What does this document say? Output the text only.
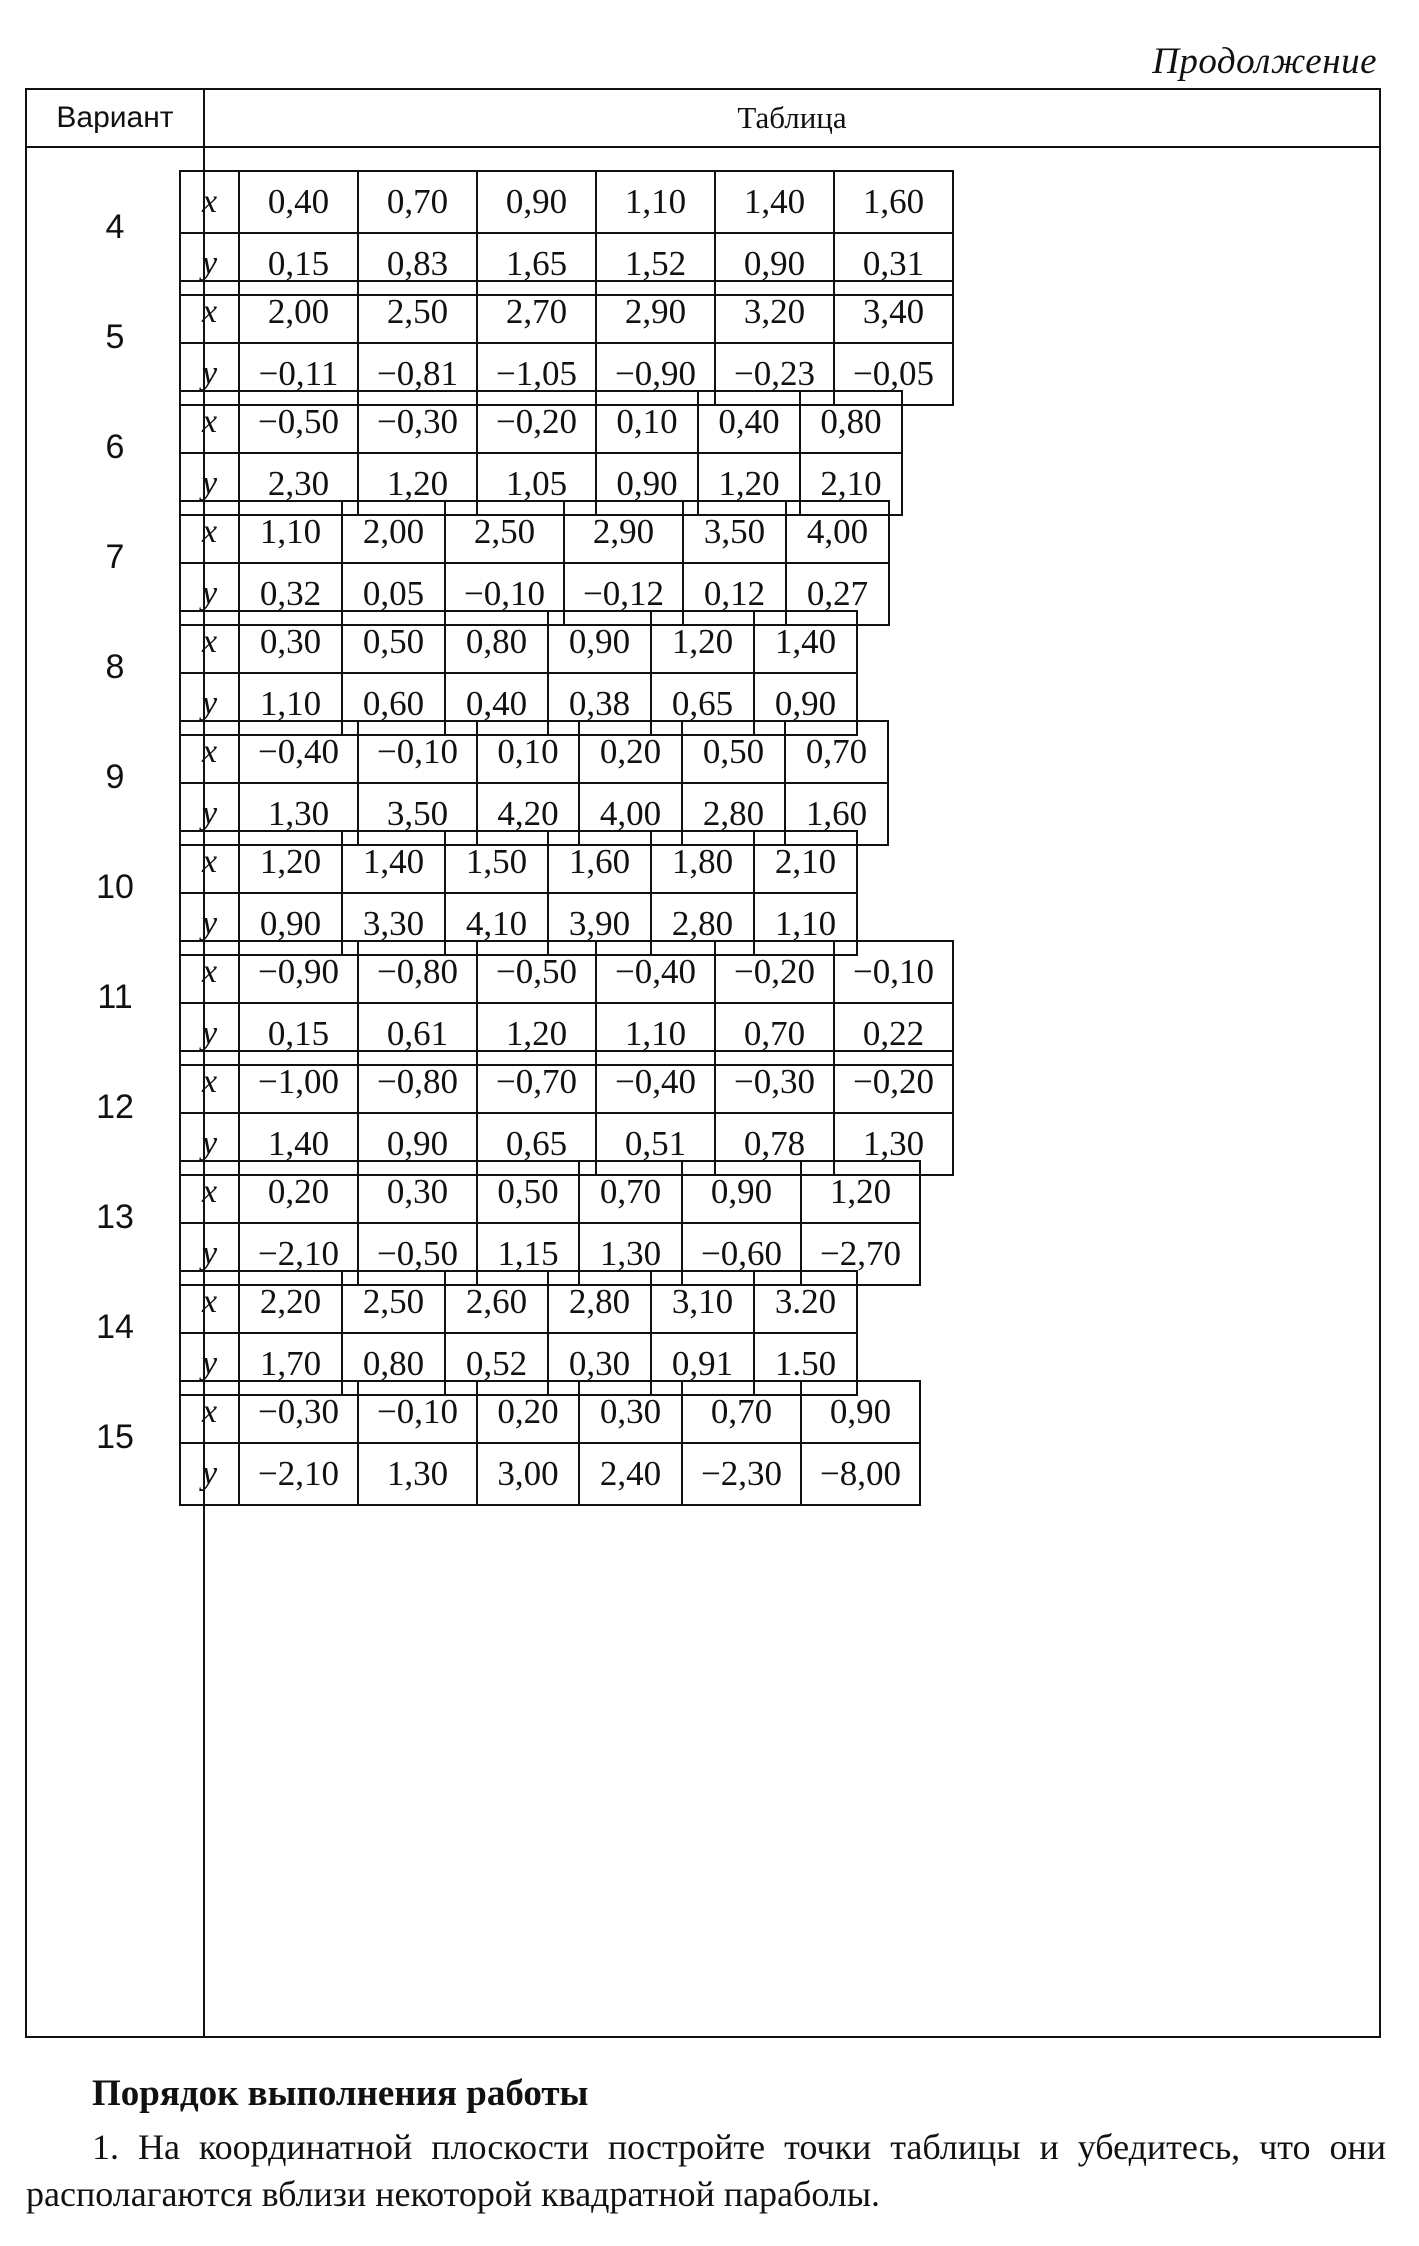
Продолжение
Вариант	Таблица
4
x	0,40	0,70	0,90	1,10	1,40	1,60
y	0,15	0,83	1,65	1,52	0,90	0,31
5
x	2,00	2,50	2,70	2,90	3,20	3,40
y	−0,11	−0,81	−1,05	−0,90	−0,23	−0,05
6
x	−0,50	−0,30	−0,20	0,10	0,40	0,80
y	2,30	1,20	1,05	0,90	1,20	2,10
7
x	1,10	2,00	2,50	2,90	3,50	4,00
y	0,32	0,05	−0,10	−0,12	0,12	0,27
8
x	0,30	0,50	0,80	0,90	1,20	1,40
y	1,10	0,60	0,40	0,38	0,65	0,90
9
x	−0,40	−0,10	0,10	0,20	0,50	0,70
y	1,30	3,50	4,20	4,00	2,80	1,60
10
x	1,20	1,40	1,50	1,60	1,80	2,10
y	0,90	3,30	4,10	3,90	2,80	1,10
11
x	−0,90	−0,80	−0,50	−0,40	−0,20	−0,10
y	0,15	0,61	1,20	1,10	0,70	0,22
12
x	−1,00	−0,80	−0,70	−0,40	−0,30	−0,20
y	1,40	0,90	0,65	0,51	0,78	1,30
13
x	0,20	0,30	0,50	0,70	0,90	1,20
y	−2,10	−0,50	1,15	1,30	−0,60	−2,70
14
x	2,20	2,50	2,60	2,80	3,10	3.20
y	1,70	0,80	0,52	0,30	0,91	1.50
15
x	−0,30	−0,10	0,20	0,30	0,70	0,90
y	−2,10	1,30	3,00	2,40	−2,30	−8,00
Порядок выполнения работы
1. На координатной плоскости постройте точки таблицы и убедитесь, что они располагаются вблизи некоторой квадратной параболы.
